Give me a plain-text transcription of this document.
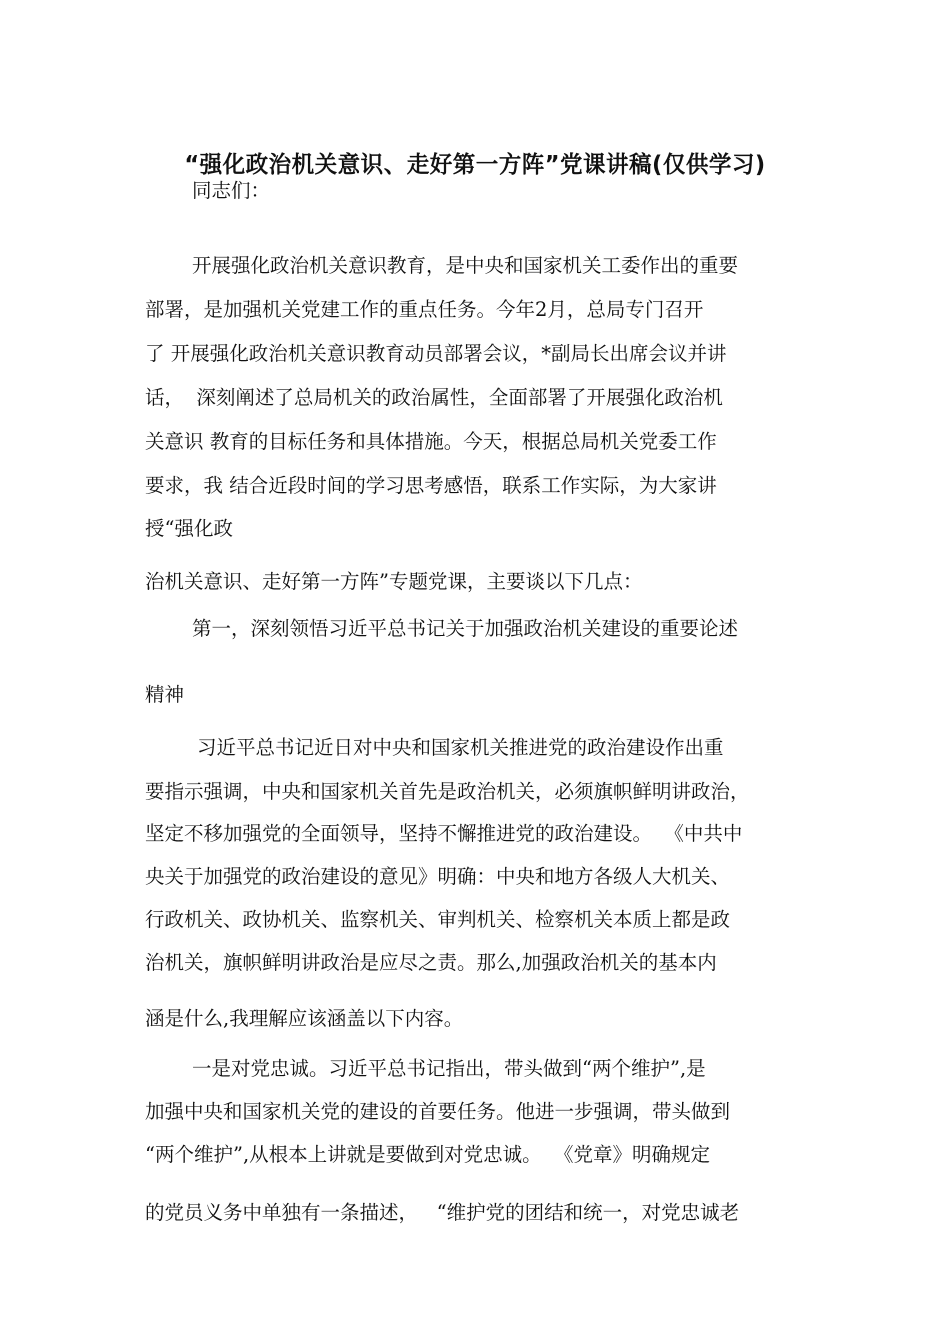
“强化政治机关意识、走好第一方阵”党课讲稿(仅供学习)
同志们：
开展强化政治机关意识教育，是中央和国家机关工委作出的重要
部署，是加强机关党建工作的重点任务。今年2月，总局专门召开
了 开展强化政治机关意识教育动员部署会议，*副局长出席会议并讲
话，  深刻阐述了总局机关的政治属性，全面部署了开展强化政治机
关意识 教育的目标任务和具体措施。今天，根据总局机关党委工作
要求，我 结合近段时间的学习思考感悟，联系工作实际，为大家讲
授“强化政
治机关意识、走好第一方阵”专题党课，主要谈以下几点：
第一，深刻领悟习近平总书记关于加强政治机关建设的重要论述
精神
习近平总书记近日对中央和国家机关推进党的政治建设作出重
要指示强调，中央和国家机关首先是政治机关，必须旗帜鲜明讲政治，
坚定不移加强党的全面领导，坚持不懈推进党的政治建设。  《中共中
央关于加强党的政治建设的意见》明确：中央和地方各级人大机关、
行政机关、政协机关、监察机关、审判机关、检察机关本质上都是政
治机关，旗帜鲜明讲政治是应尽之责。那么,加强政治机关的基本内
涵是什么,我理解应该涵盖以下内容。
一是对党忠诚。习近平总书记指出，带头做到“两个维护”,是
加强中央和国家机关党的建设的首要任务。他进一步强调，带头做到
“两个维护”,从根本上讲就是要做到对党忠诚。  《党章》明确规定
的党员义务中单独有一条描述，   “维护党的团结和统一，对党忠诚老
